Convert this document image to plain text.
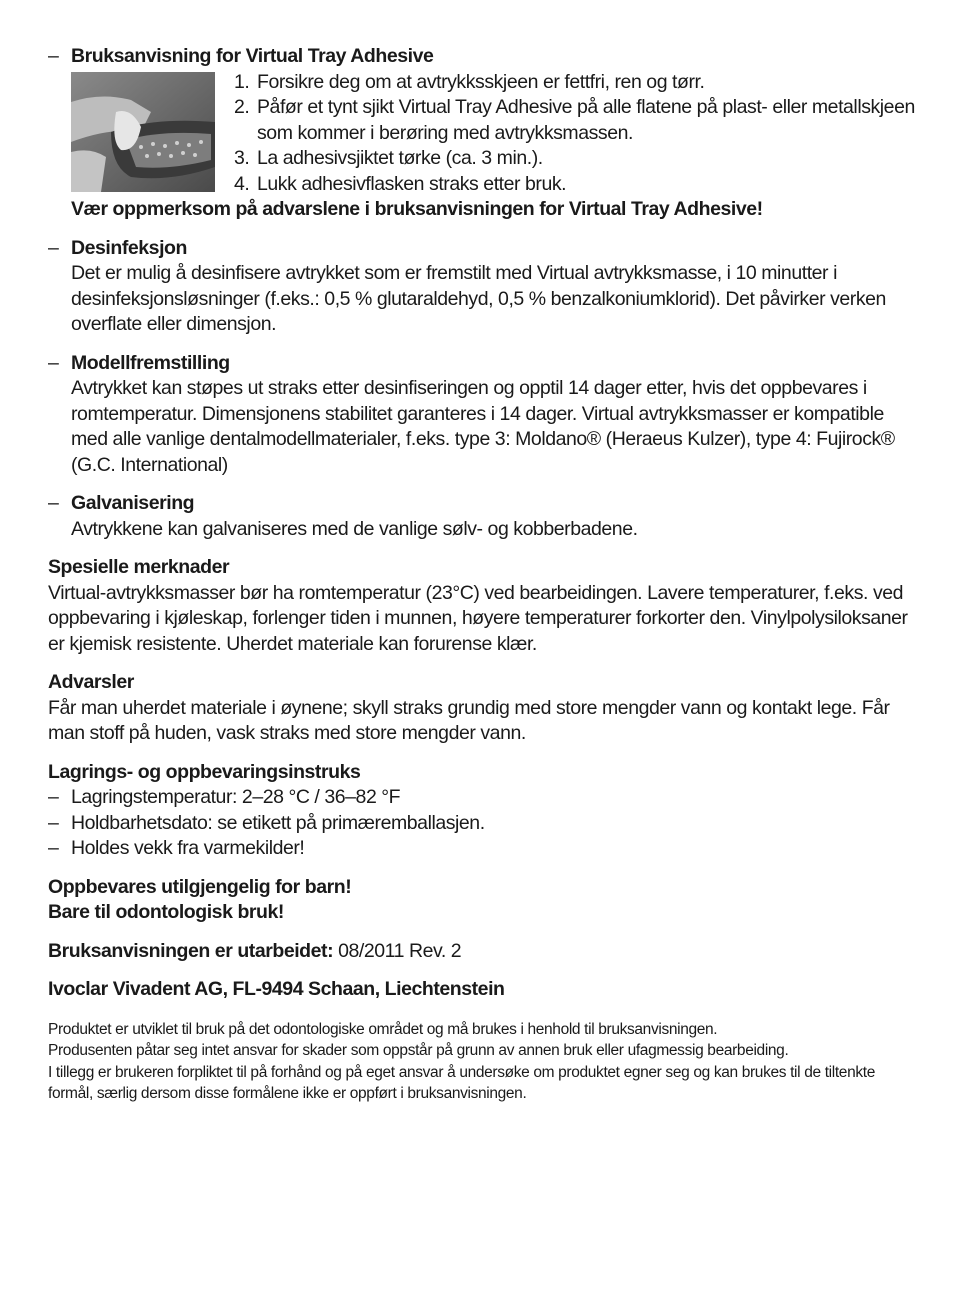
– Bruksanvisning for Virtual Tray Adhesive
1. Forsikre deg om at avtrykksskjeen er fettfri, ren og tørr.
2. Påfør et tynt sjikt Virtual Tray Adhesive på alle flatene på plast- eller metallskjeen som kommer i berøring med avtrykksmassen.
3. La adhesivsjiktet tørke (ca. 3 min.).
4. Lukk adhesivflasken straks etter bruk.
Vær oppmerksom på advarslene i bruksanvisningen for Virtual Tray Adhesive!
– Desinfeksjon
Det er mulig å desinfisere avtrykket som er fremstilt med Virtual avtrykksmasse, i 10 minutter i desinfeksjonsløsninger (f.eks.: 0,5 % glutaraldehyd, 0,5 % benzalkoniumklorid). Det påvirker verken overflate eller dimensjon.
– Modellfremstilling
Avtrykket kan støpes ut straks etter desinfiseringen og opptil 14 dager etter, hvis det oppbevares i romtemperatur. Dimensjonens stabilitet garanteres i 14 dager. Virtual avtrykksmasser er kompatible med alle vanlige dentalmodellmaterialer, f.eks. type 3: Moldano® (Heraeus Kulzer), type 4: Fujirock® (G.C. International)
– Galvanisering
Avtrykkene kan galvaniseres med de vanlige sølv- og kobberbadene.
Spesielle merknader
Virtual-avtrykksmasser bør ha romtemperatur (23°C) ved bearbeidingen. Lavere temperaturer, f.eks. ved oppbevaring i kjøleskap, forlenger tiden i munnen, høyere temperaturer forkorter den. Vinylpolysiloksaner er kjemisk resistente. Uherdet materiale kan forurense klær.
Advarsler
Får man uherdet materiale i øynene; skyll straks grundig med store mengder vann og kontakt lege. Får man stoff på huden, vask straks med store mengder vann.
Lagrings- og oppbevaringsinstruks
– Lagringstemperatur: 2–28 °C / 36–82 °F
– Holdbarhetsdato: se etikett på primæremballasjen.
– Holdes vekk fra varmekilder!
Oppbevares utilgjengelig for barn!
Bare til odontologisk bruk!
Bruksanvisningen er utarbeidet: 08/2011 Rev. 2
Ivoclar Vivadent AG, FL-9494 Schaan, Liechtenstein
Produktet er utviklet til bruk på det odontologiske området og må brukes i henhold til bruksanvisningen.
Produsenten påtar seg intet ansvar for skader som oppstår på grunn av annen bruk eller ufagmessig bearbeiding.
I tillegg er brukeren forpliktet til på forhånd og på eget ansvar å undersøke om produktet egner seg og kan brukes til de tiltenkte formål, særlig dersom disse formålene ikke er oppført i bruksanvisningen.
